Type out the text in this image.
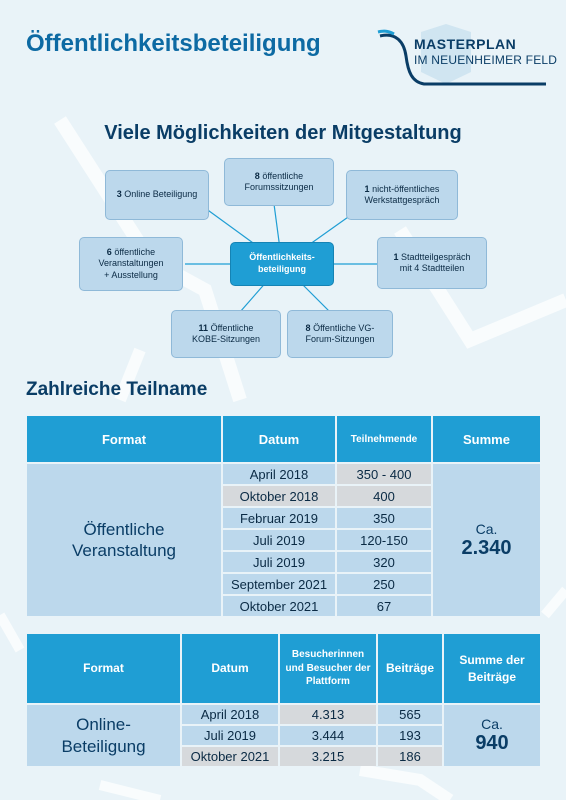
Öffentlichkeitsbeteiligung	MASTERPLAN
IM NEUENHEIMER FELD
Viele Möglichkeiten der Mitgestaltung
8 öffentliche
Forumssitzungen
3 Online Beteiligung
1 nicht-öffentliches
Werkstattgespräch
6 öffentliche
Veranstaltungen
+ Ausstellung
Öffentlichkeits-
beteiligung
1 Stadtteilgespräch
mit 4 Stadtteilen
11 Öffentliche
KOBE-Sitzungen
8 Öffentliche VG-
Forum-Sitzungen
Zahlreiche Teilname
Format	Datum	Teilnehmende	Summe
Öffentliche Veranstaltung	April 2018	350 - 400	Ca.
2.340

	Oktober 2018	400	
	Februar 2019	350	
	Juli 2019	120-150	
	Juli 2019	320	
	September 2021	250	
	Oktober 2021	67	
Format	Datum	Besucherinnen und Besucher der Plattform	Beiträge	Summe der Beiträge
Online-Beteiligung	April 2018	4.313	565	Ca.
940

	Juli 2019	3.444	193	
	Oktober 2021	3.215	186	
